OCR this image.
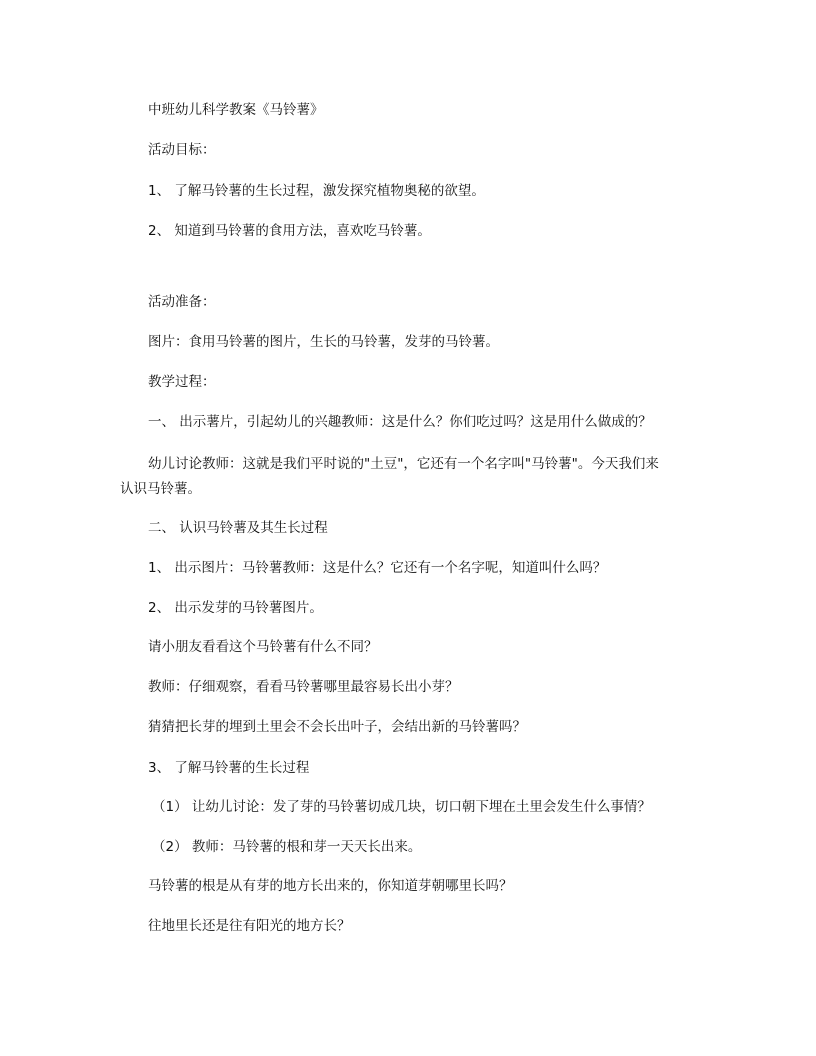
中班幼儿科学教案《马铃薯》
活动目标：
1、 了解马铃薯的生长过程，激发探究植物奥秘的欲望。
2、 知道到马铃薯的食用方法，喜欢吃马铃薯。
活动准备：
图片：食用马铃薯的图片，生长的马铃薯，发芽的马铃薯。
教学过程：
一、 出示薯片，引起幼儿的兴趣教师：这是什么？你们吃过吗？这是用什么做成的？
幼儿讨论教师：这就是我们平时说的"土豆"，它还有一个名字叫"马铃薯"。今天我们来
认识马铃薯。
二、 认识马铃薯及其生长过程
1、 出示图片：马铃薯教师：这是什么？它还有一个名字呢，知道叫什么吗？
2、 出示发芽的马铃薯图片。
请小朋友看看这个马铃薯有什么不同？
教师：仔细观察，看看马铃薯哪里最容易长出小芽？
猜猜把长芽的埋到土里会不会长出叶子，会结出新的马铃薯吗？
3、 了解马铃薯的生长过程
（1） 让幼儿讨论：发了芽的马铃薯切成几块，切口朝下埋在土里会发生什么事情？
（2） 教师：马铃薯的根和芽一天天长出来。
马铃薯的根是从有芽的地方长出来的，你知道芽朝哪里长吗？
往地里长还是往有阳光的地方长？
